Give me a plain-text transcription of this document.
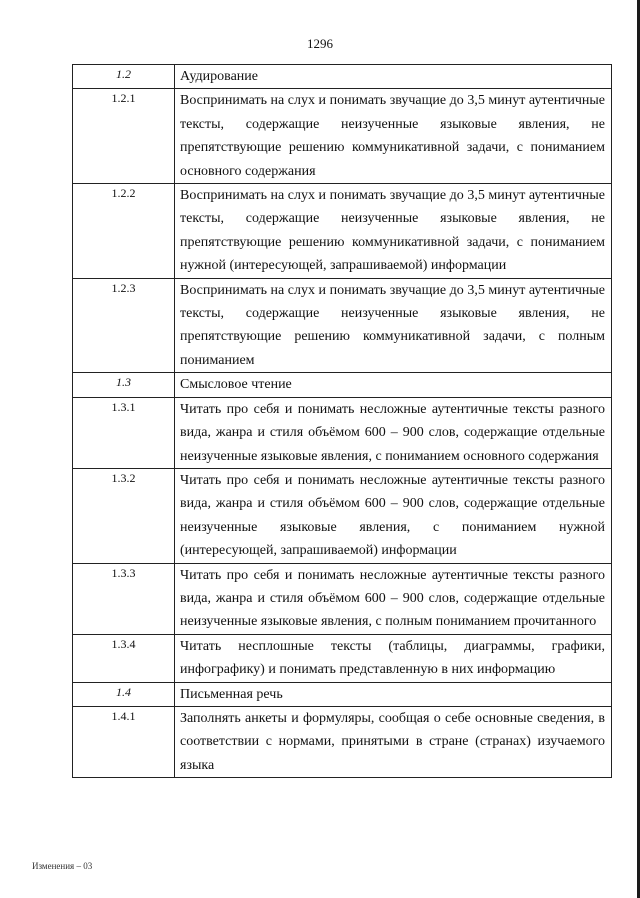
1296
1.2	Аудирование
1.2.1	Воспринимать на слух и понимать звучащие до 3,5 минут аутентичные тексты, содержащие неизученные языковые явления, не препятствующие решению коммуникативной задачи, с пониманием основного содержания
1.2.2	Воспринимать на слух и понимать звучащие до 3,5 минут аутентичные тексты, содержащие неизученные языковые явления, не препятствующие решению коммуникативной задачи, с пониманием нужной (интересующей, запрашиваемой) информации
1.2.3	Воспринимать на слух и понимать звучащие до 3,5 минут аутентичные тексты, содержащие неизученные языковые явления, не препятствующие решению коммуникативной задачи, с полным пониманием
1.3	Смысловое чтение
1.3.1	Читать про себя и понимать несложные аутентичные тексты разного вида, жанра и стиля объёмом 600 – 900 слов, содержащие отдельные неизученные языковые явления, с пониманием основного содержания
1.3.2	Читать про себя и понимать несложные аутентичные тексты разного вида, жанра и стиля объёмом 600 – 900 слов, содержащие отдельные неизученные языковые явления, с пониманием нужной (интересующей, запрашиваемой) информации
1.3.3	Читать про себя и понимать несложные аутентичные тексты разного вида, жанра и стиля объёмом 600 – 900 слов, содержащие отдельные неизученные языковые явления, с полным пониманием прочитанного
1.3.4	Читать несплошные тексты (таблицы, диаграммы, графики, инфографику) и понимать представленную в них информацию
1.4	Письменная речь
1.4.1	Заполнять анкеты и формуляры, сообщая о себе основные сведения, в соответствии с нормами, принятыми в стране (странах) изучаемого языка
Изменения – 03
